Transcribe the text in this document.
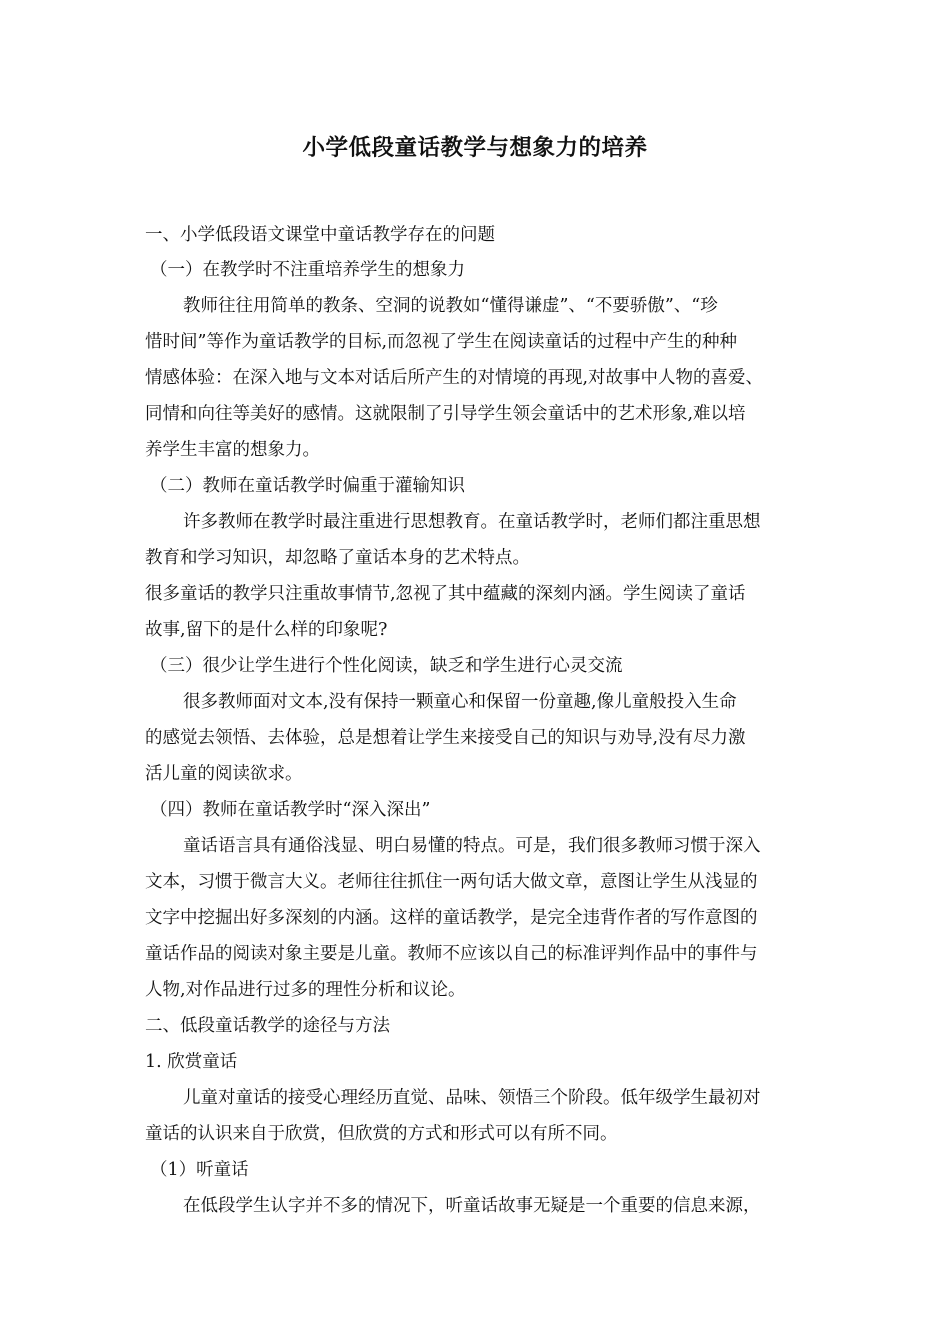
小学低段童话教学与想象力的培养
一、小学低段语文课堂中童话教学存在的问题
（一）在教学时不注重培养学生的想象力
教师往往用简单的教条、空洞的说教如“懂得谦虚”、“不要骄傲”、“珍
惜时间”等作为童话教学的目标,而忽视了学生在阅读童话的过程中产生的种种
情感体验：在深入地与文本对话后所产生的对情境的再现,对故事中人物的喜爱、
同情和向往等美好的感情。这就限制了引导学生领会童话中的艺术形象,难以培
养学生丰富的想象力。
（二）教师在童话教学时偏重于灌输知识
许多教师在教学时最注重进行思想教育。在童话教学时，老师们都注重思想
教育和学习知识，却忽略了童话本身的艺术特点。
很多童话的教学只注重故事情节,忽视了其中蕴藏的深刻内涵。学生阅读了童话
故事,留下的是什么样的印象呢?
（三）很少让学生进行个性化阅读，缺乏和学生进行心灵交流
很多教师面对文本,没有保持一颗童心和保留一份童趣,像儿童般投入生命
的感觉去领悟、去体验，总是想着让学生来接受自己的知识与劝导,没有尽力激
活儿童的阅读欲求。
（四）教师在童话教学时“深入深出”
童话语言具有通俗浅显、明白易懂的特点。可是，我们很多教师习惯于深入
文本，习惯于微言大义。老师往往抓住一两句话大做文章，意图让学生从浅显的
文字中挖掘出好多深刻的内涵。这样的童话教学，是完全违背作者的写作意图的
童话作品的阅读对象主要是儿童。教师不应该以自己的标准评判作品中的事件与
人物,对作品进行过多的理性分析和议论。
二、低段童话教学的途径与方法
1. 欣赏童话
儿童对童话的接受心理经历直觉、品味、领悟三个阶段。低年级学生最初对
童话的认识来自于欣赏，但欣赏的方式和形式可以有所不同。
（1）听童话
在低段学生认字并不多的情况下，听童话故事无疑是一个重要的信息来源，
